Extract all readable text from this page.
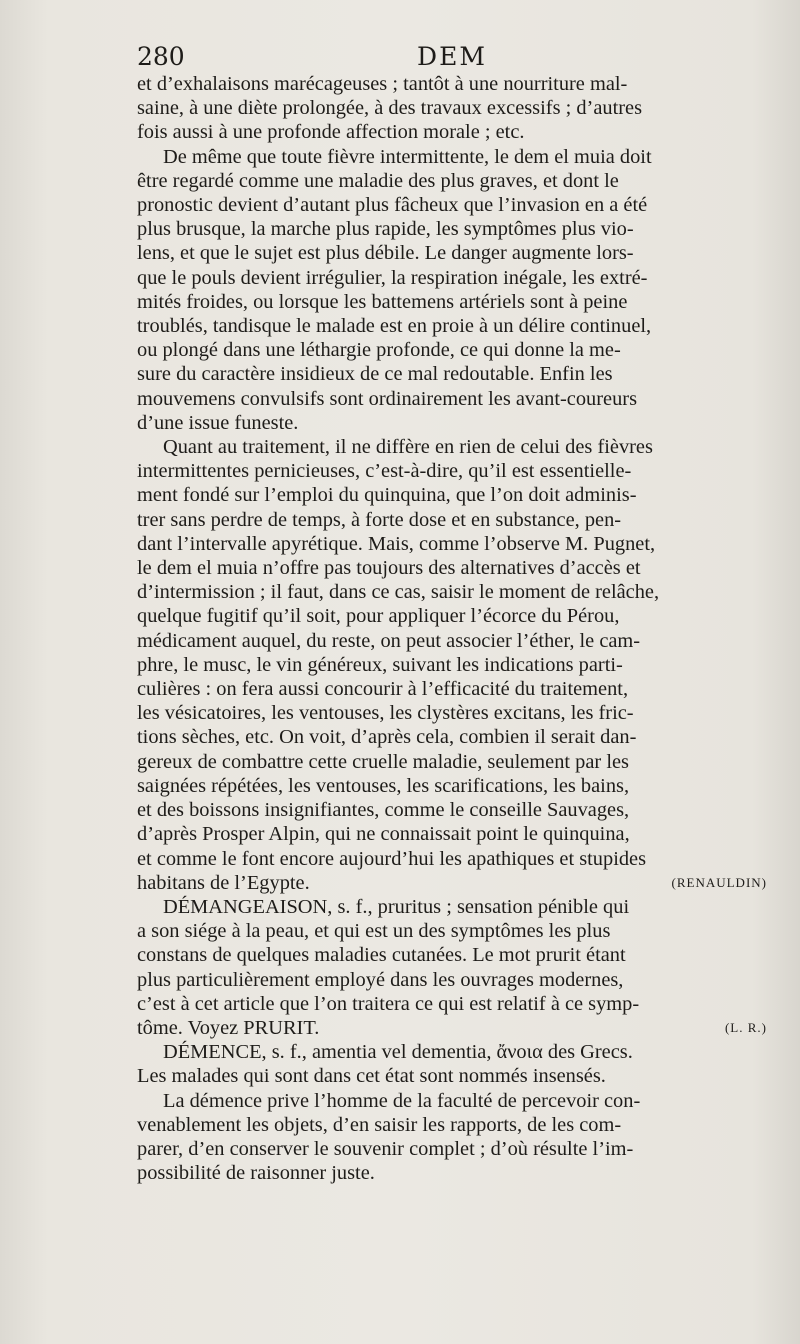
280	DEM
et d’exhalaisons marécageuses ; tantôt à une nourriture mal-
saine, à une diète prolongée, à des travaux excessifs ; d’autres
fois aussi à une profonde affection morale ; etc.
De même que toute fièvre intermittente, le dem el muia doit
être regardé comme une maladie des plus graves, et dont le
pronostic devient d’autant plus fâcheux que l’invasion en a été
plus brusque, la marche plus rapide, les symptômes plus vio-
lens, et que le sujet est plus débile. Le danger augmente lors-
que le pouls devient irrégulier, la respiration inégale, les extré-
mités froides, ou lorsque les battemens artériels sont à peine
troublés, tandisque le malade est en proie à un délire continuel,
ou plongé dans une léthargie profonde, ce qui donne la me-
sure du caractère insidieux de ce mal redoutable. Enfin les
mouvemens convulsifs sont ordinairement les avant-coureurs
d’une issue funeste.
Quant au traitement, il ne diffère en rien de celui des fièvres
intermittentes pernicieuses, c’est-à-dire, qu’il est essentielle-
ment fondé sur l’emploi du quinquina, que l’on doit adminis-
trer sans perdre de temps, à forte dose et en substance, pen-
dant l’intervalle apyrétique. Mais, comme l’observe M. Pugnet,
le dem el muia n’offre pas toujours des alternatives d’accès et
d’intermission ; il faut, dans ce cas, saisir le moment de relâche,
quelque fugitif qu’il soit, pour appliquer l’écorce du Pérou,
médicament auquel, du reste, on peut associer l’éther, le cam-
phre, le musc, le vin généreux, suivant les indications parti-
culières : on fera aussi concourir à l’efficacité du traitement,
les vésicatoires, les ventouses, les clystères excitans, les fric-
tions sèches, etc. On voit, d’après cela, combien il serait dan-
gereux de combattre cette cruelle maladie, seulement par les
saignées répétées, les ventouses, les scarifications, les bains,
et des boissons insignifiantes, comme le conseille Sauvages,
d’après Prosper Alpin, qui ne connaissait point le quinquina,
et comme le font encore aujourd’hui les apathiques et stupides
habitans de l’Egypte.	(RENAULDIN)
DÉMANGEAISON, s. f., pruritus ; sensation pénible qui
a son siége à la peau, et qui est un des symptômes les plus
constans de quelques maladies cutanées. Le mot prurit étant
plus particulièrement employé dans les ouvrages modernes,
c’est à cet article que l’on traitera ce qui est relatif à ce symp-
tôme. Voyez PRURIT.	(L. R.)
DÉMENCE, s. f., amentia vel dementia, ἄνοια des Grecs.
Les malades qui sont dans cet état sont nommés insensés.
La démence prive l’homme de la faculté de percevoir con-
venablement les objets, d’en saisir les rapports, de les com-
parer, d’en conserver le souvenir complet ; d’où résulte l’im-
possibilité de raisonner juste.
